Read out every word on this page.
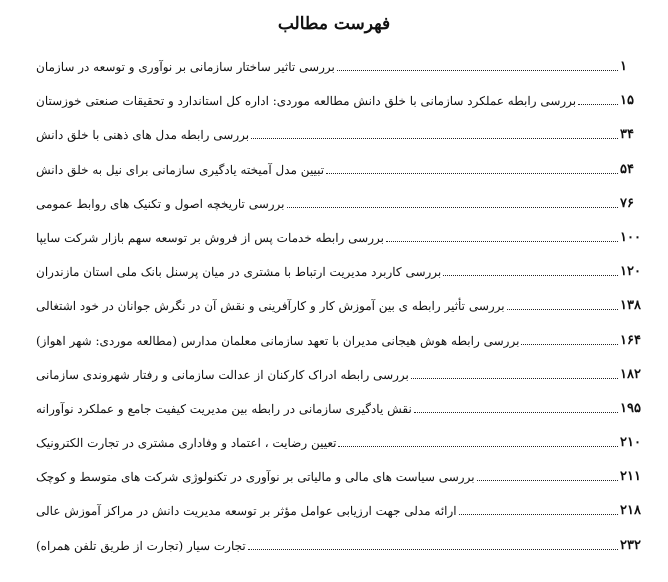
فهرست مطالب
بررسی تاثیر ساختار سازمانی بر نوآوری و توسعه در سازمان	۱
بررسی رابطه عملکرد سازمانی با خلق دانش مطالعه موردی: اداره کل استاندارد و تحقیقات صنعتی خوزستان	۱۵
بررسی رابطه مدل های ذهنی با خلق دانش	۳۴
تبیین مدل آمیخته یادگیری سازمانی برای نیل به خلق دانش	۵۴
بررسی تاریخچه اصول و تکنیک های روابط عمومی	۷۶
بررسی رابطه خدمات پس از فروش بر توسعه سهم بازار شرکت سایپا	۱۰۰
بررسی کاربرد مدیریت ارتباط با مشتری در میان پرسنل بانک ملی استان مازندران	۱۲۰
بررسی تأثیر رابطه ی بین آموزش کار و کارآفرینی و نقش آن در نگرش جوانان در خود اشتغالی	۱۳۸
بررسی رابطه هوش هیجانی مدیران با تعهد سازمانی معلمان مدارس (مطالعه موردی: شهر اهواز)	۱۶۴
بررسی رابطه ادراک کارکنان از عدالت سازمانی و رفتار شهروندی سازمانی	۱۸۲
نقش یادگیری سازمانی در رابطه بین مدیریت کیفیت جامع و عملکرد نوآورانه	۱۹۵
تعیین رضایت ، اعتماد و وفاداری مشتری در تجارت الکترونیک	۲۱۰
بررسی سیاست های مالی و مالیاتی بر نوآوری در تکنولوژی شرکت های متوسط و کوچک	۲۱۱
ارائه مدلی جهت ارزیابی عوامل مؤثر بر توسعه مدیریت دانش در مراکز آموزش عالی	۲۱۸
تجارت سیار (تجارت از طریق تلفن همراه)	۲۳۲
